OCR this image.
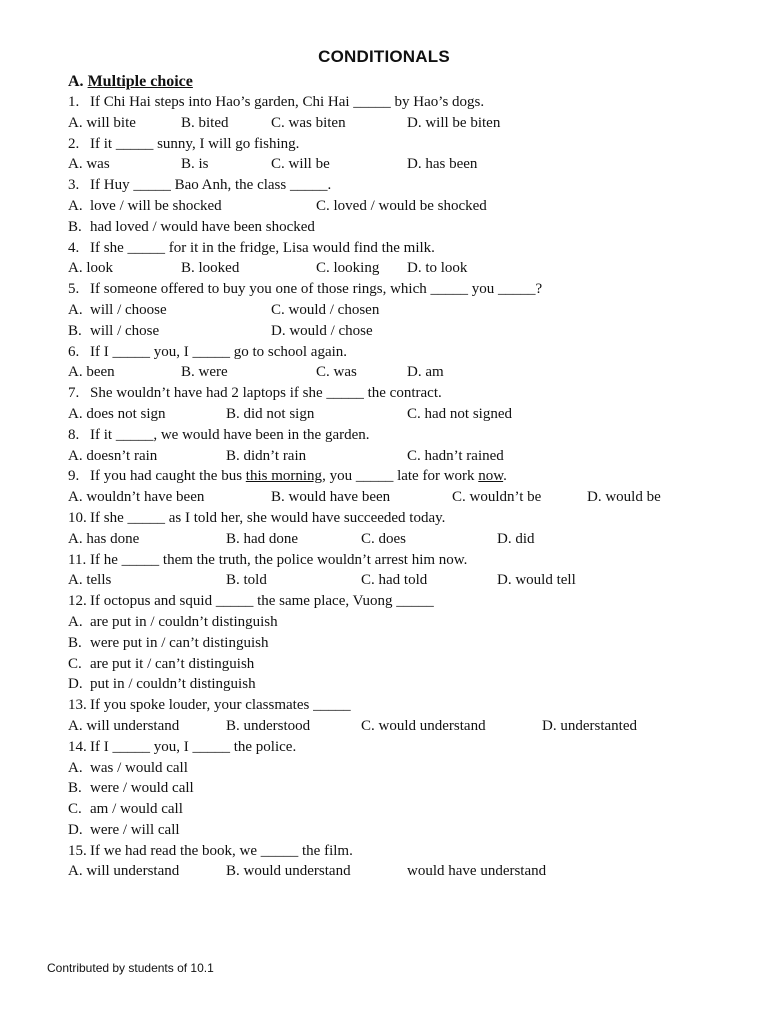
CONDITIONALS
A. Multiple choice
1. If Chi Hai steps into Hao’s garden, Chi Hai _____ by Hao’s dogs.
A. will bite	B. bited	C. was biten	D. will be biten
2. If it _____ sunny, I will go fishing.
A. was	B. is	C. will be	D. has been
3. If Huy _____ Bao Anh, the class _____.
A. love / will be shocked	C. loved / would be shocked
B. had loved / would have been shocked
4. If she _____ for it in the fridge, Lisa would find the milk.
A. look	B. looked	C. looking D. to look
5. If someone offered to buy you one of those rings, which _____ you _____?
A. will / choose	C. would / chosen
B. will / chose	D. would / chose
6. If I _____ you, I _____ go to school again.
A. been	B. were	C. was	D. am
7. She wouldn’t have had 2 laptops if she _____ the contract.
A. does not sign	B. did not sign	C. had not signed
8. If it _____, we would have been in the garden.
A. doesn’t rain	B. didn’t rain	C. hadn’t rained
9. If you had caught the bus this morning, you _____ late for work now.
A. wouldn’t have been	B. would have been	C. wouldn’t be	D. would be
10. If she _____ as I told her, she would have succeeded today.
A. has done	B. had done	C. does	D. did
11. If he _____ them the truth, the police wouldn’t arrest him now.
A. tells	B. told	C. had told	D. would tell
12. If octopus and squid _____ the same place, Vuong _____
A. are put in / couldn’t distinguish
B. were put in / can’t distinguish
C. are put it / can’t distinguish
D. put in / couldn’t distinguish
13. If you spoke louder, your classmates _____
A. will understand	B. understood	C. would understand	D. understanted
14. If I _____ you, I _____ the police.
A. was / would call
B. were / would call
C. am / would call
D. were / will call
15. If we had read the book, we _____ the film.
A. will understand	B. would understand	would have understand
Contributed by students of 10.1
